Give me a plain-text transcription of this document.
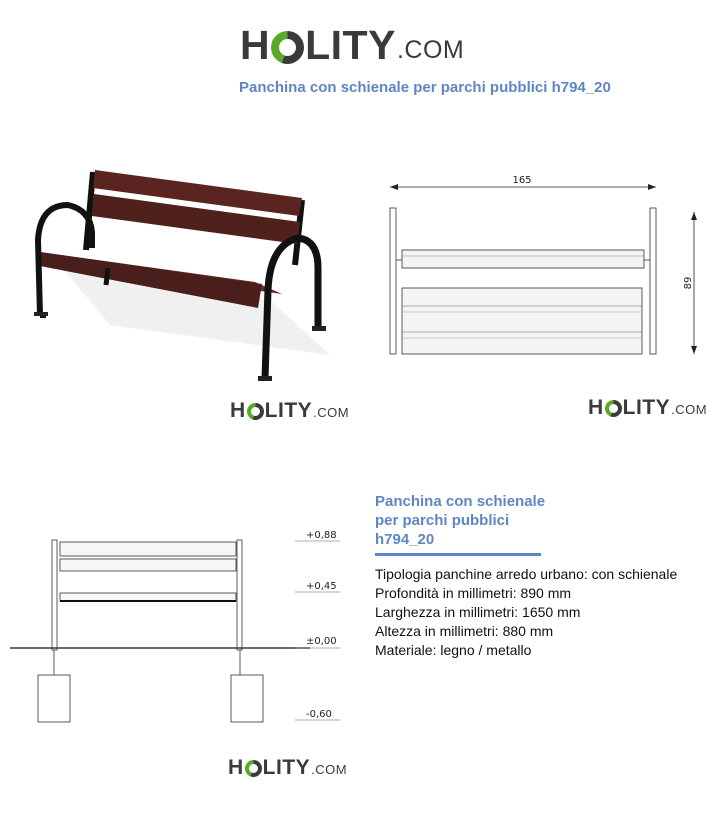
H LITY .COM
Panchina con schienale per parchi pubblici h794_20
H LITY .COM
165
89
H LITY .COM
+0,88
+0,45
±0,00
-0,60
H LITY .COM
Panchina con schienale
per parchi pubblici
h794_20
Tipologia panchine arredo urbano: con schienale
Profondità in millimetri: 890 mm
Larghezza in millimetri: 1650 mm
Altezza in millimetri: 880 mm
Materiale: legno / metallo
